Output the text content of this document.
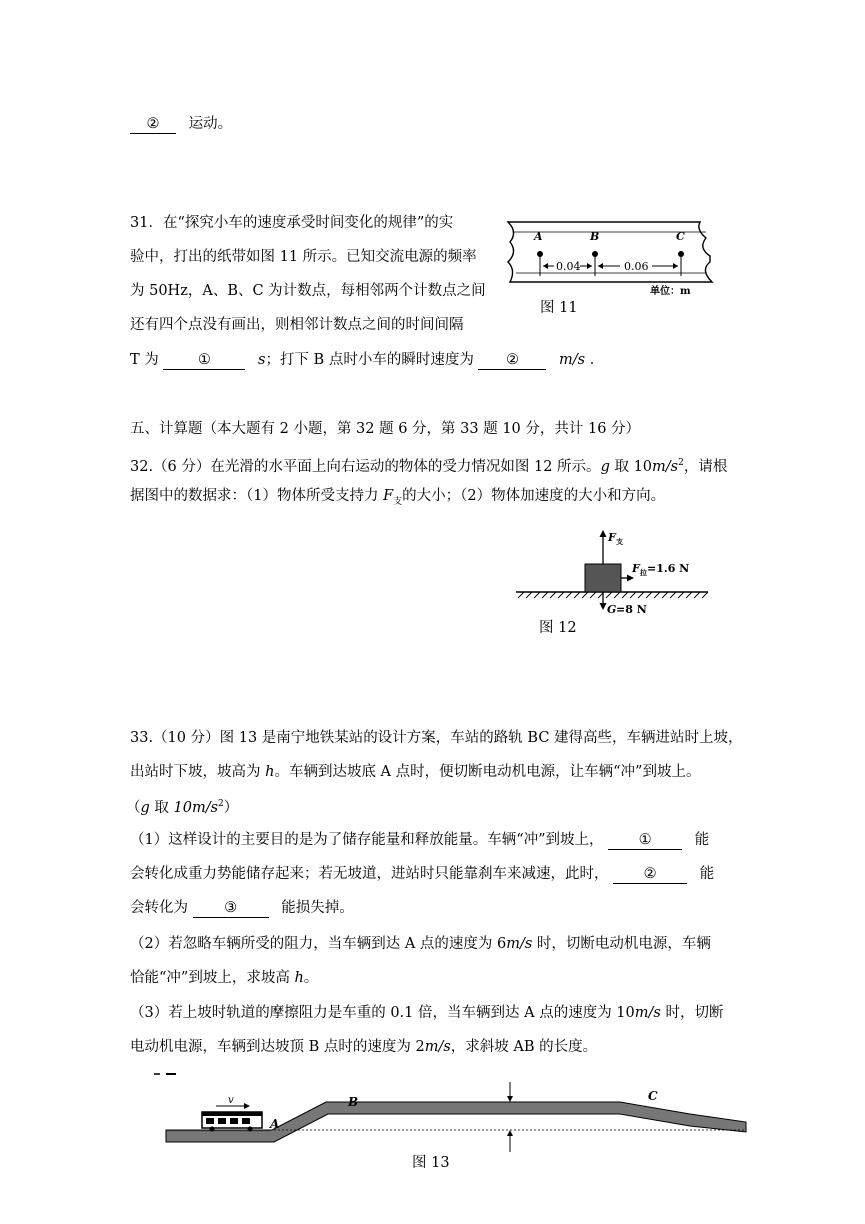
② 运动。
31．在“探究小车的速度承受时间变化的规律”的实
验中，打出的纸带如图 11 所示。已知交流电源的频率
为 50Hz，A、B、C 为计数点，每相邻两个计数点之间
还有四个点没有画出，则相邻计数点之间的时间间隔
T 为	①	s；打下 B 点时小车的瞬时速度为 ②	m/s ．
A	B	C
0.04	0.06
单位：m
图 11
五、计算题（本大题有 2 小题，第 32 题 6 分，第 33 题 10 分，共计 16 分）
32.（6 分）在光滑的水平面上向右运动的物体的受力情况如图 12 所示。g 取 $10m/s^2$，请根
据图中的数据求：（1）物体所受支持力 $F_支$的大小；（2）物体加速度的大小和方向。
F 支
F 拉 =1.6 N
G =8 N
图 12
33.（10 分）图 13 是南宁地铁某站的设计方案，车站的路轨 BC 建得高些，车辆进站时上坡，
出站时下坡，坡高为 h。车辆到达坡底 A 点时，便切断电动机电源，让车辆“冲”到坡上。
（g 取 $10m/s^2$）
（1）这样设计的主要目的是为了储存能量和释放能量。车辆“冲”到坡上， ①	能
会转化成重力势能储存起来；若无坡道，进站时只能靠刹车来减速，此时， ②	能
会转化为 ③	能损失掉。
（2）若忽略车辆所受的阻力，当车辆到达 A 点的速度为 6m/s 时，切断电动机电源，车辆
恰能“冲”到坡上，求坡高 h。
（3）若上坡时轨道的摩擦阻力是车重的 0.1 倍，当车辆到达 A 点的速度为 10m/s 时，切断
电动机电源，车辆到达坡顶 B 点时的速度为 2m/s，求斜坡 AB 的长度。
v
A
B	C
h
图 13
